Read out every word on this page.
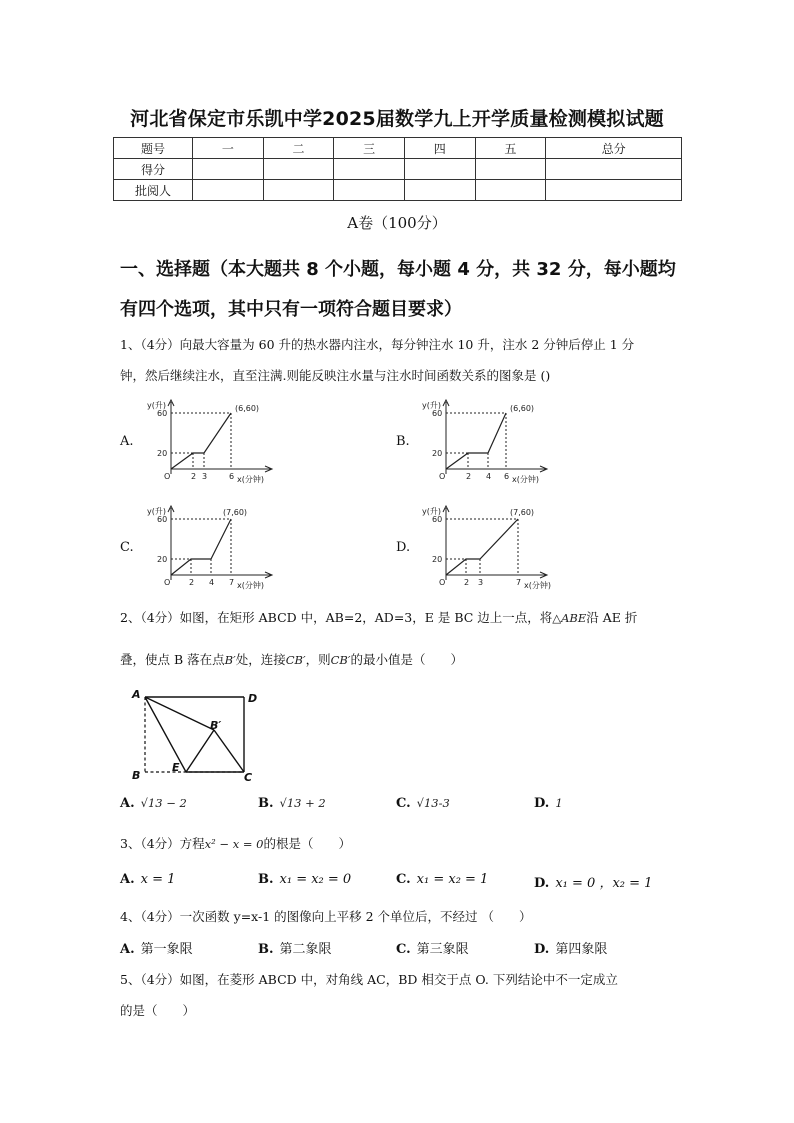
河北省保定市乐凯中学2025届数学九上开学质量检测模拟试题
题号	一	二	三	四	五	总分
得分						
批阅人						
A卷（100分）
一、选择题（本大题共 8 个小题，每小题 4 分，共 32 分，每小题均
有四个选项，其中只有一项符合题目要求）
1、（4分）向最大容量为 60 升的热水器内注水，每分钟注水 10 升，注水 2 分钟后停止 1 分
钟，然后继续注水，直至注满.则能反映注水量与注水时间函数关系的图象是 ()
A.	B.
C.	D.
y(升)
60
20
O	2 3	6 x(分钟)
(6,60)	y(升)
60
20
O	2 4 6 x(分钟)
(6,60)
y(升)
60
20
O 2 4 7 x(分钟)
(7,60)	y(升)
60
20
O 2 3	7 x(分钟)
(7,60)
2、（4分）如图，在矩形 ABCD 中，AB=2，AD=3，E 是 BC 边上一点，将△ABE沿 AE 折
叠，使点 B 落在点B′处，连接CB′，则CB′的最小值是（　　）
A	D
B
E
C
B′
A. √13 − 2	B. √13 + 2	C. √13-3	D. 1
3、（4分）方程x² − x = 0的根是（　　）
A. x = 1	B. x₁ = x₂ = 0	C. x₁ = x₂ = 1	D. x₁ = 0 ，x₂ = 1
4、（4分）一次函数 y=x-1 的图像向上平移 2 个单位后，不经过 （　　）
A. 第一象限	B. 第二象限	C. 第三象限	D. 第四象限
5、（4分）如图，在菱形 ABCD 中，对角线 AC，BD 相交于点 O. 下列结论中不一定成立
的是（　　）
